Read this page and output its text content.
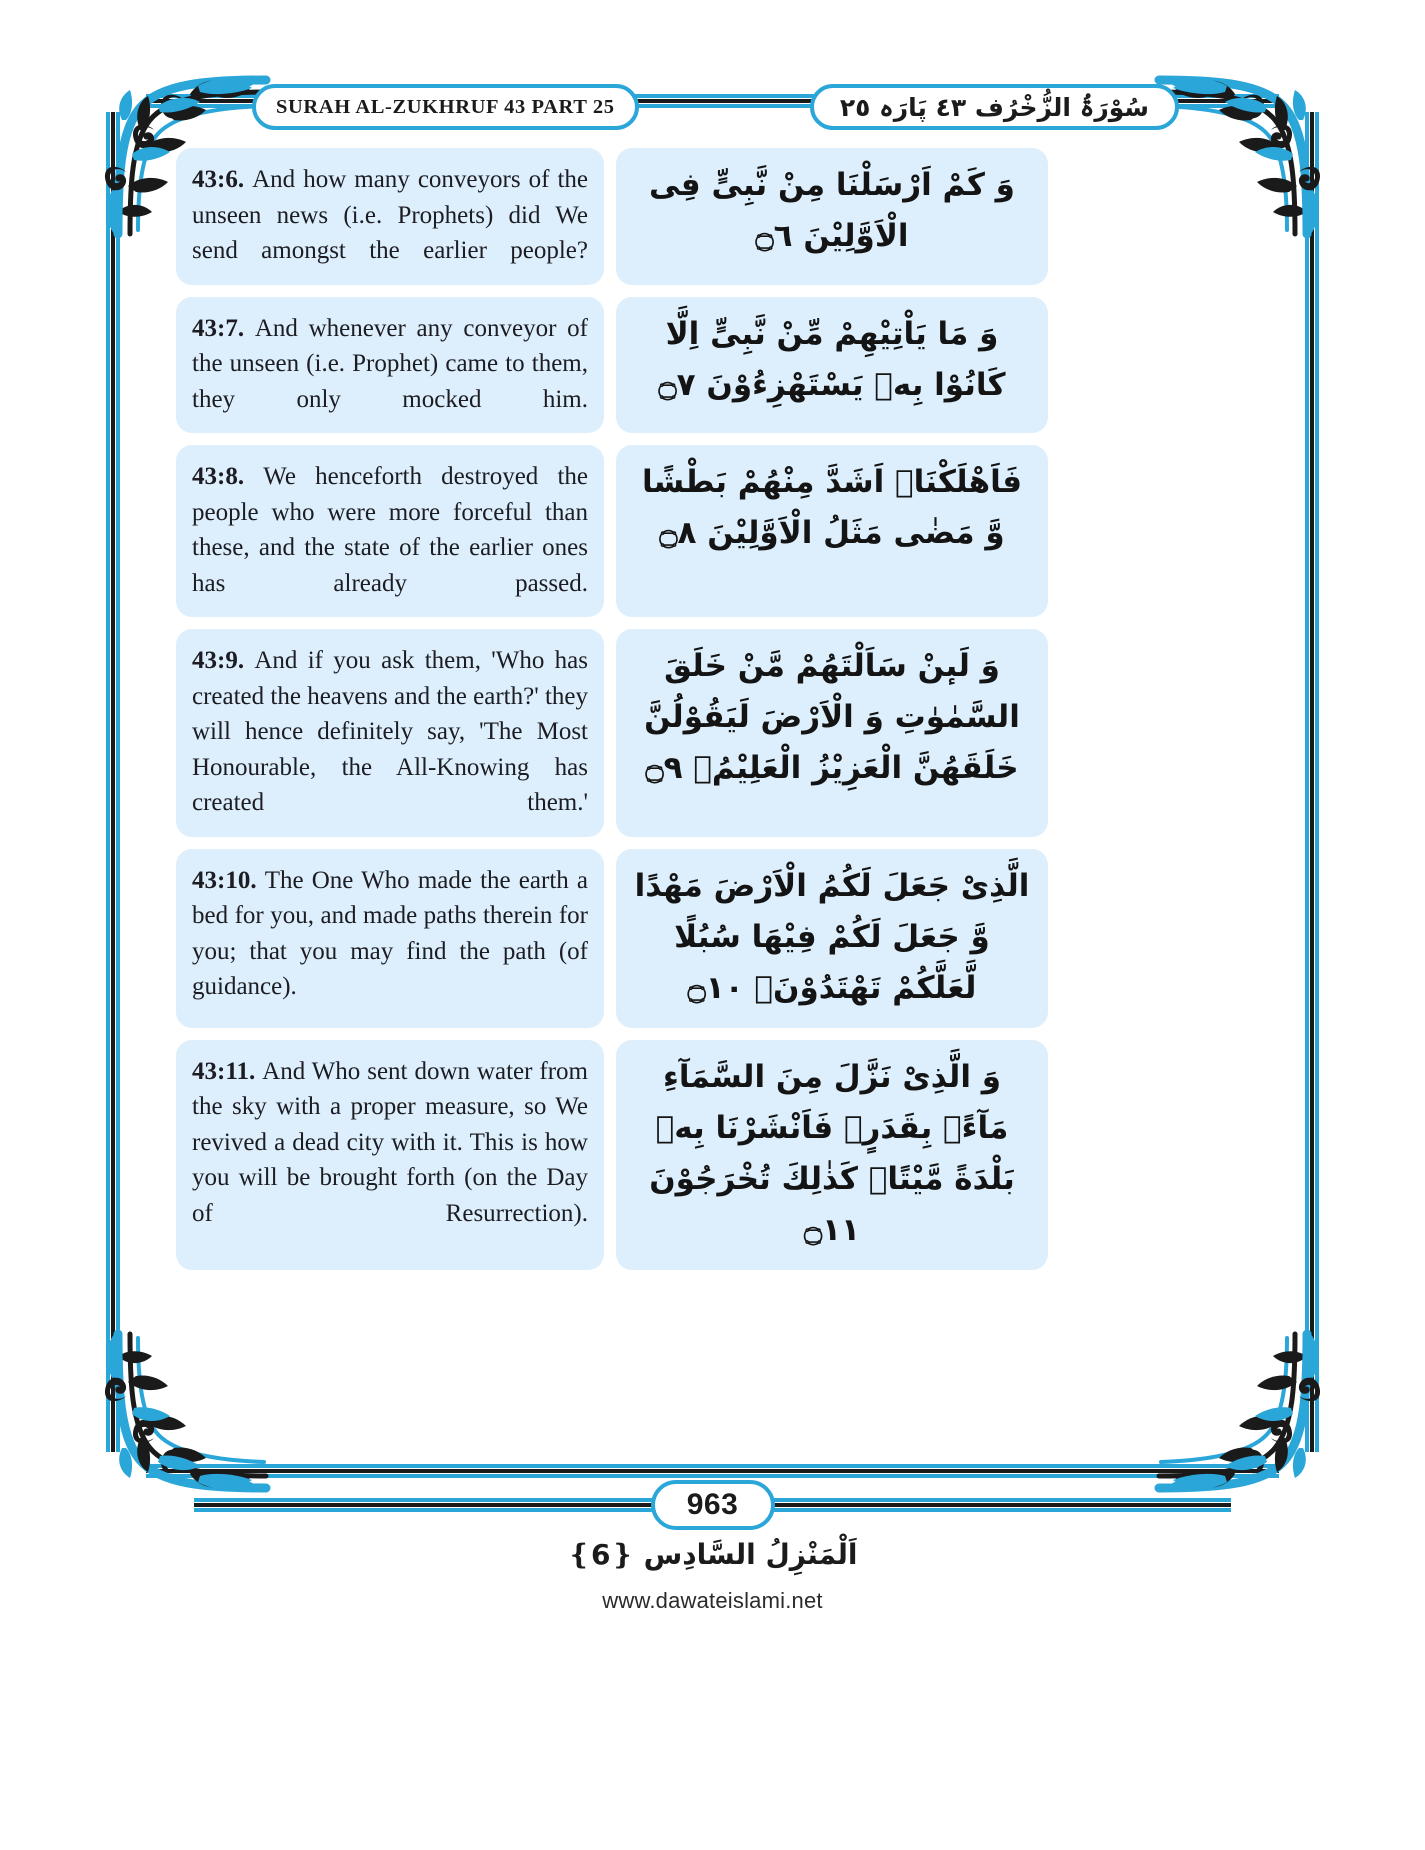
SURAH AL-ZUKHRUF 43 PART 25	سُوْرَۃُ الزُّخْرُف ٤٣ پَارَہ ٢٥
43:6. And how many conveyors of the unseen news (i.e. Prophets) did We send amongst the earlier people?
وَ كَمْ اَرْسَلْنَا مِنْ نَّبِیٍّ فِی الْاَوَّلِيْنَ ۝٦
43:7. And whenever any conveyor of the unseen (i.e. Prophet) came to them, they only mocked him.
وَ مَا يَاْتِيْهِمْ مِّنْ نَّبِیٍّ اِلَّا كَانُوْا بِهٖ يَسْتَهْزِءُوْنَ ۝٧
43:8. We henceforth destroyed the people who were more forceful than these, and the state of the earlier ones has already passed.
فَاَهْلَكْنَاۤ اَشَدَّ مِنْهُمْ بَطْشًا وَّ مَضٰى مَثَلُ الْاَوَّلِيْنَ ۝٨
43:9. And if you ask them, 'Who has created the heavens and the earth?' they will hence definitely say, 'The Most Honourable, the All-Knowing has created them.'
وَ لَىٕنْ سَاَلْتَهُمْ مَّنْ خَلَقَ السَّمٰوٰتِ وَ الْاَرْضَ لَيَقُوْلُنَّ خَلَقَهُنَّ الْعَزِيْزُ الْعَلِيْمُۙ ۝٩
43:10. The One Who made the earth a bed for you, and made paths therein for you; that you may find the path (of guidance).
الَّذِیْ جَعَلَ لَكُمُ الْاَرْضَ مَهْدًا وَّ جَعَلَ لَكُمْ فِيْهَا سُبُلًا لَّعَلَّكُمْ تَهْتَدُوْنَۚ ۝١٠
43:11. And Who sent down water from the sky with a proper measure, so We revived a dead city with it. This is how you will be brought forth (on the Day of Resurrection).
وَ الَّذِیْ نَزَّلَ مِنَ السَّمَآءِ مَآءًۢ بِقَدَرٍۚ فَاَنْشَرْنَا بِهٖ بَلْدَةً مَّيْتًاۚ كَذٰلِكَ تُخْرَجُوْنَ ۝١١
963
اَلْمَنْزِلُ السَّادِس ❴6❵
www.dawateislami.net
